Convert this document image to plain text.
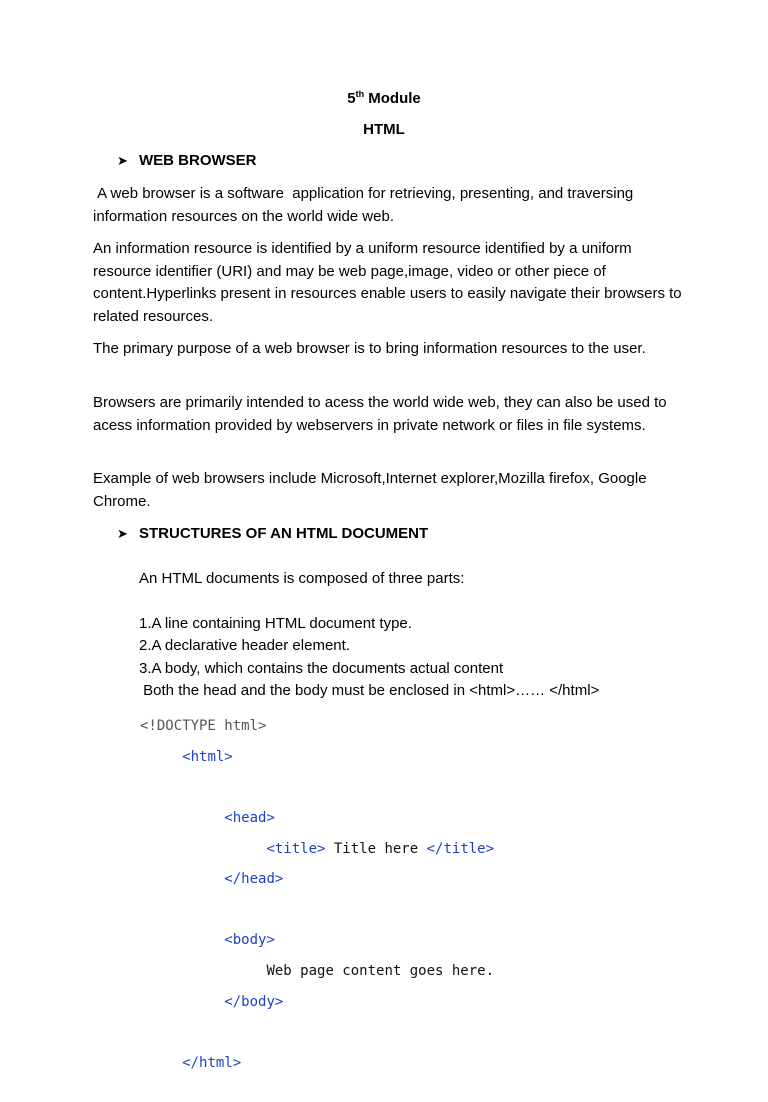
5th Module
HTML
➤ WEB BROWSER

A web browser is a software  application for retrieving, presenting, and traversing information resources on the world wide web.

An information resource is identified by a uniform resource identified by a uniform resource identifier (URI) and may be web page,image, video or other piece of content.Hyperlinks present in resources enable users to easily navigate their browsers to related resources.

The primary purpose of a web browser is to bring information resources to the user.

Browsers are primarily intended to acess the world wide web, they can also be used to acess information provided by webservers in private network or files in file systems.

Example of web browsers include Microsoft,Internet explorer,Mozilla firefox, Google Chrome.

➤ STRUCTURES OF AN HTML DOCUMENT
An HTML documents is composed of three parts:
1.A line containing HTML document type.
2.A declarative header element.
3.A body, which contains the documents actual content
Both the head and the body must be enclosed in <html>…… </html>

<!DOCTYPE html>

<html>

<head>

<title> Title here </title>

</head>

<body>

Web page content goes here.

</body>

</html>
